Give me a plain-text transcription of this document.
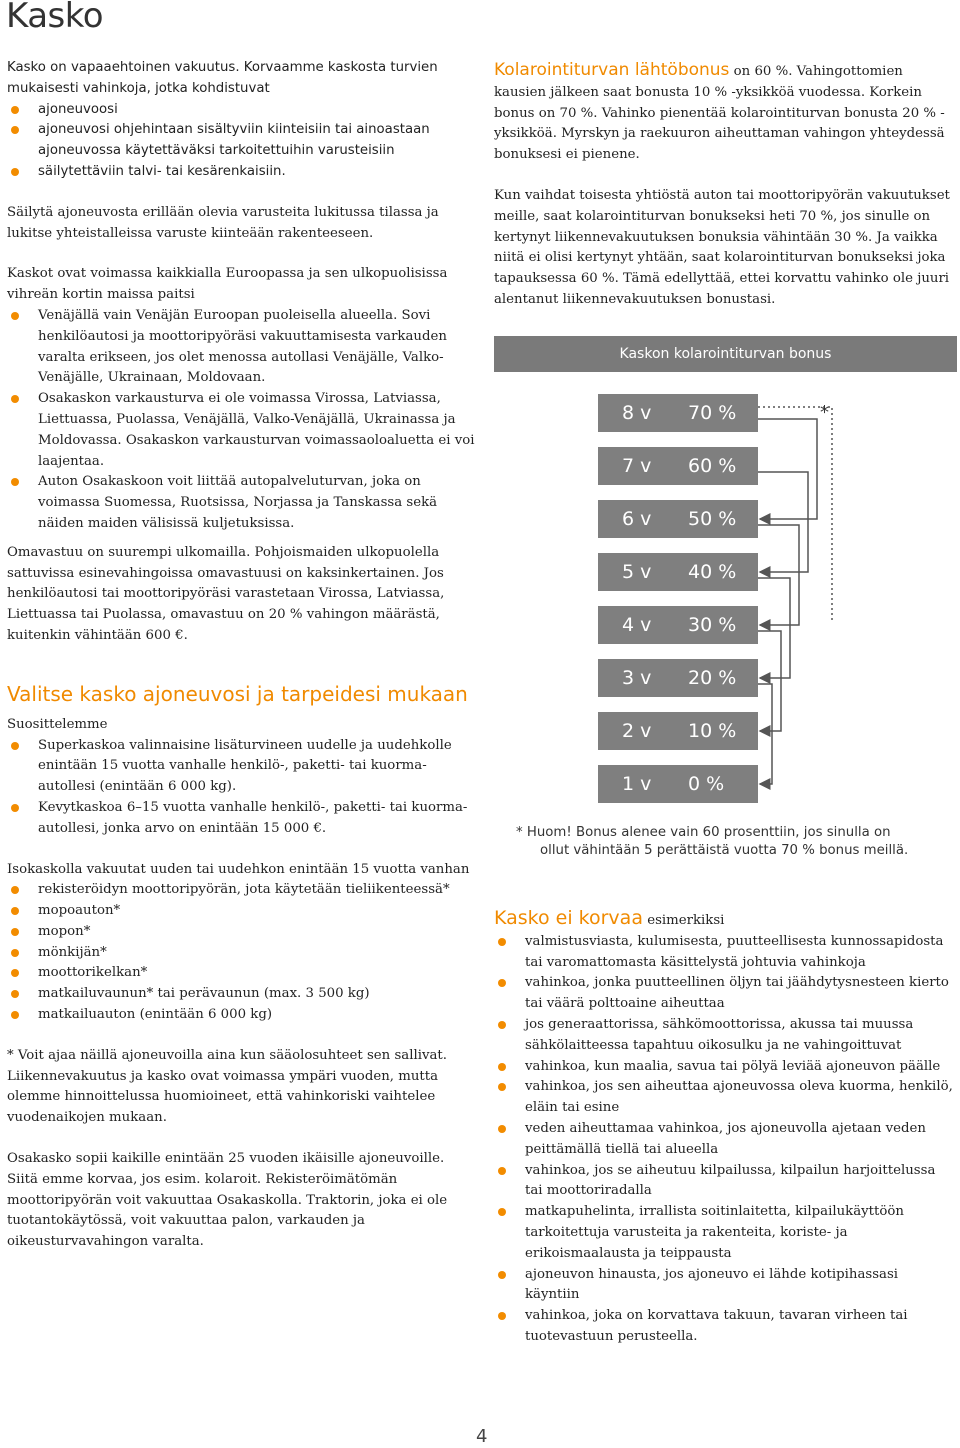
Kasko

Kasko on vapaaehtoinen vakuutus. Korvaamme kaskosta turvien mukaisesti vahinkoja, jotka kohdistuvat

ajoneuvoosi
ajoneuvosi ohjehintaan sisältyviin kiinteisiin tai ainoastaan ajoneuvossa käytettäväksi tarkoitettuihin varusteisiin
säilytettäviin talvi- tai kesärenkaisiin.

Säilytä ajoneuvosta erillään olevia varusteita lukitussa tilassa ja lukitse yhteistalleissa varuste kiinteään rakenteeseen.

Kaskot ovat voimassa kaikkialla Euroopassa ja sen ulkopuolisissa vihreän kortin maissa paitsi

Venäjällä vain Venäjän Euroopan puoleisella alueella. Sovi henkilöautosi ja moottoripyöräsi vakuuttamisesta varkauden varalta erikseen, jos olet menossa autollasi Venäjälle, Valko-Venäjälle, Ukrainaan, Moldovaan.
Osakaskon varkausturva ei ole voimassa Virossa, Latviassa, Liettuassa, Puolassa, Venäjällä, Valko-Venäjällä, Ukrainassa ja Moldovassa. Osakaskon varkausturvan voimassaoloaluetta ei voi laajentaa.
Auton Osakaskoon voit liittää autopalveluturvan, joka on voimassa Suomessa, Ruotsissa, Norjassa ja Tanskassa sekä näiden maiden välisissä kuljetuksissa.

Omavastuu on suurempi ulkomailla. Pohjoismaiden ulkopuolella sattuvissa esinevahingoissa omavastuusi on kaksinkertainen. Jos henkilöautosi tai moottoripyöräsi varastetaan Virossa, Latviassa, Liettuassa tai Puolassa, omavastuu on 20 % vahingon määrästä, kuitenkin vähintään 600 €.

Valitse kasko ajoneuvosi ja tarpeidesi mukaan

Suosittelemme

Superkaskoa valinnaisine lisäturvineen uudelle ja uudehkolle enintään 15 vuotta vanhalle henkilö-, paketti- tai kuorma-autollesi (enintään 6 000 kg).
Kevytkaskoa 6–15 vuotta vanhalle henkilö-, paketti- tai kuorma-autollesi, jonka arvo on enintään 15 000 €.

Isokaskolla vakuutat uuden tai uudehkon enintään 15 vuotta vanhan

rekisteröidyn moottoripyörän, jota käytetään tieliikenteessä*
mopoauton*
mopon*
mönkijän*
moottorikelkan*
matkailuvaunun* tai perävaunun (max. 3 500 kg)
matkailuauton (enintään 6 000 kg)

* Voit ajaa näillä ajoneuvoilla aina kun sääolosuhteet sen sallivat. Liikennevakuutus ja kasko ovat voimassa ympäri vuoden, mutta olemme hinnoittelussa huomioineet, että vahinkoriski vaihtelee vuodenaikojen mukaan.

Osakasko sopii kaikille enintään 25 vuoden ikäisille ajoneuvoille. Siitä emme korvaa, jos esim. kolaroit. Rekisteröimätömän moottoripyörän voit vakuuttaa Osakaskolla. Traktorin, joka ei ole tuotantokäytössä, voit vakuuttaa palon, varkauden ja oikeusturvavahingon varalta.

Kolarointiturvan lähtöbonus on 60 %. Vahingottomien kausien jälkeen saat bonusta 10 % -yksikköä vuodessa. Korkein bonus on 70 %. Vahinko pienentää kolarointiturvan bonusta 20 % -yksikköä. Myrskyn ja raekuuron aiheuttaman vahingon yhteydessä bonuksesi ei pienene.

Kun vaihdat toisesta yhtiöstä auton tai moottoripyörän vakuutukset meille, saat kolarointiturvan bonukseksi heti 70 %, jos sinulle on kertynyt liikennevakuutuksen bonuksia vähintään 30 %. Ja vaikka niitä ei olisi kertynyt yhtään, saat kolarointiturvan bonukseksi joka tapauksessa 60 %. Tämä edellyttää, ettei korvattu vahinko ole juuri alentanut liikennevakuutuksen bonustasi.

Kaskon kolarointiturvan bonus
8 v 70 %
7 v 60 %
6 v 50 %
5 v 40 %
4 v 30 %
3 v 20 %
2 v 10 %
1 v 0 %
*
* Huom! Bonus alenee vain 60 prosenttiin, jos sinulla on
ollut vähintään 5 perättäistä vuotta 70 % bonus meillä.

Kasko ei korvaa esimerkiksi

valmistusviasta, kulumisesta, puutteellisesta kunnossapidosta tai varomattomasta käsittelystä johtuvia vahinkoja
vahinkoa, jonka puutteellinen öljyn tai jäähdytysnesteen kierto tai väärä polttoaine aiheuttaa
jos generaattorissa, sähkömoottorissa, akussa tai muussa sähkölaitteessa tapahtuu oikosulku ja ne vahingoittuvat
vahinkoa, kun maalia, savua tai pölyä leviää ajoneuvon päälle
vahinkoa, jos sen aiheuttaa ajoneuvossa oleva kuorma, henkilö, eläin tai esine
veden aiheuttamaa vahinkoa, jos ajoneuvolla ajetaan veden peittämällä tiellä tai alueella
vahinkoa, jos se aiheutuu kilpailussa, kilpailun harjoittelussa tai moottoriradalla
matkapuhelinta, irrallista soitinlaitetta, kilpailukäyttöön tarkoitettuja varusteita ja rakenteita, koriste- ja erikoismaalausta ja teippausta
ajoneuvon hinausta, jos ajoneuvo ei lähde kotipihassasi käyntiin
vahinkoa, joka on korvattava takuun, tavaran virheen tai tuotevastuun perusteella.
4
